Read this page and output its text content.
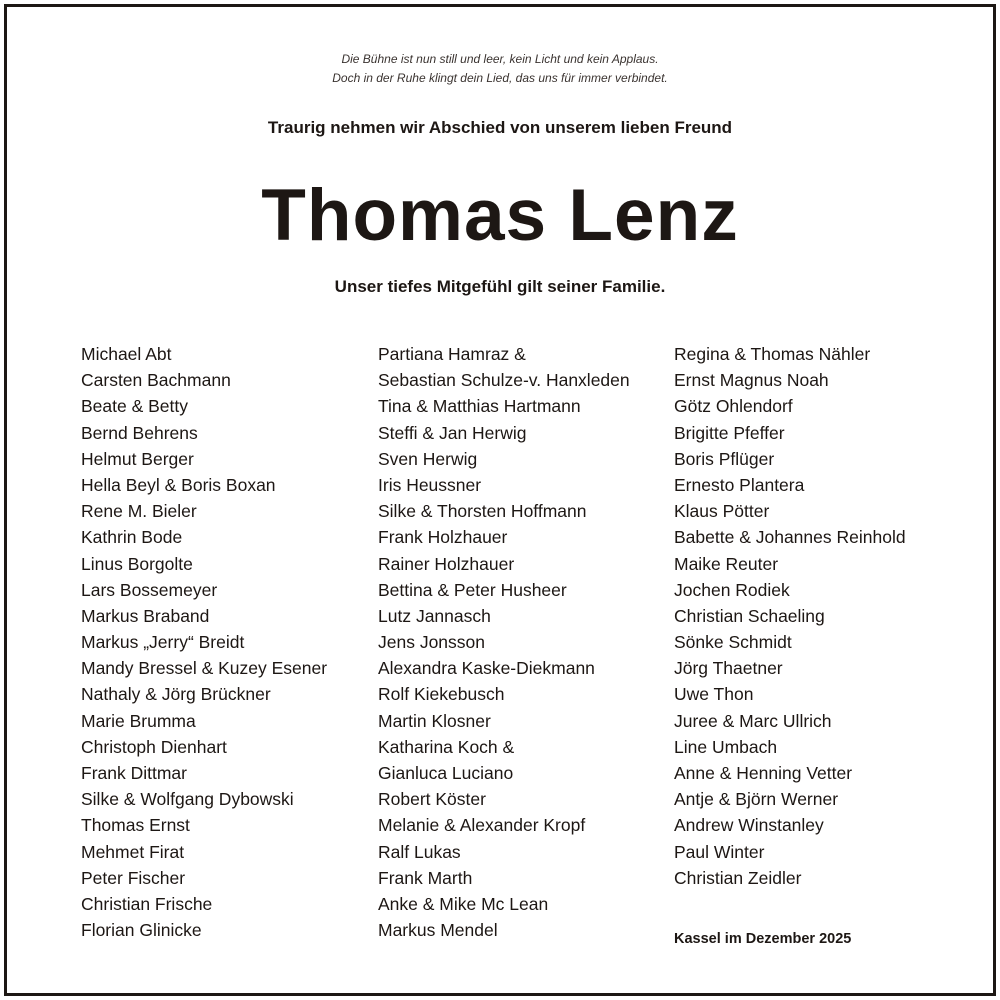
Die Bühne ist nun still und leer, kein Licht und kein Applaus.
Doch in der Ruhe klingt dein Lied, das uns für immer verbindet.
Traurig nehmen wir Abschied von unserem lieben Freund
Thomas Lenz
Unser tiefes Mitgefühl gilt seiner Familie.
Michael Abt
Carsten Bachmann
Beate & Betty
Bernd Behrens
Helmut Berger
Hella Beyl & Boris Boxan
Rene M. Bieler
Kathrin Bode
Linus Borgolte
Lars Bossemeyer
Markus Braband
Markus „Jerry“ Breidt
Mandy Bressel & Kuzey Esener
Nathaly & Jörg Brückner
Marie Brumma
Christoph Dienhart
Frank Dittmar
Silke & Wolfgang Dybowski
Thomas Ernst
Mehmet Firat
Peter Fischer
Christian Frische
Florian Glinicke
Partiana Hamraz &
Sebastian Schulze-v. Hanxleden
Tina & Matthias Hartmann
Steffi & Jan Herwig
Sven Herwig
Iris Heussner
Silke & Thorsten Hoffmann
Frank Holzhauer
Rainer Holzhauer
Bettina & Peter Husheer
Lutz Jannasch
Jens Jonsson
Alexandra Kaske-Diekmann
Rolf Kiekebusch
Martin Klosner
Katharina Koch &
Gianluca Luciano
Robert Köster
Melanie & Alexander Kropf
Ralf Lukas
Frank Marth
Anke & Mike Mc Lean
Markus Mendel
Regina & Thomas Nähler
Ernst Magnus Noah
Götz Ohlendorf
Brigitte Pfeffer
Boris Pflüger
Ernesto Plantera
Klaus Pötter
Babette & Johannes Reinhold
Maike Reuter
Jochen Rodiek
Christian Schaeling
Sönke Schmidt
Jörg Thaetner
Uwe Thon
Juree & Marc Ullrich
Line Umbach
Anne & Henning Vetter
Antje & Björn Werner
Andrew Winstanley
Paul Winter
Christian Zeidler
Kassel im Dezember 2025
